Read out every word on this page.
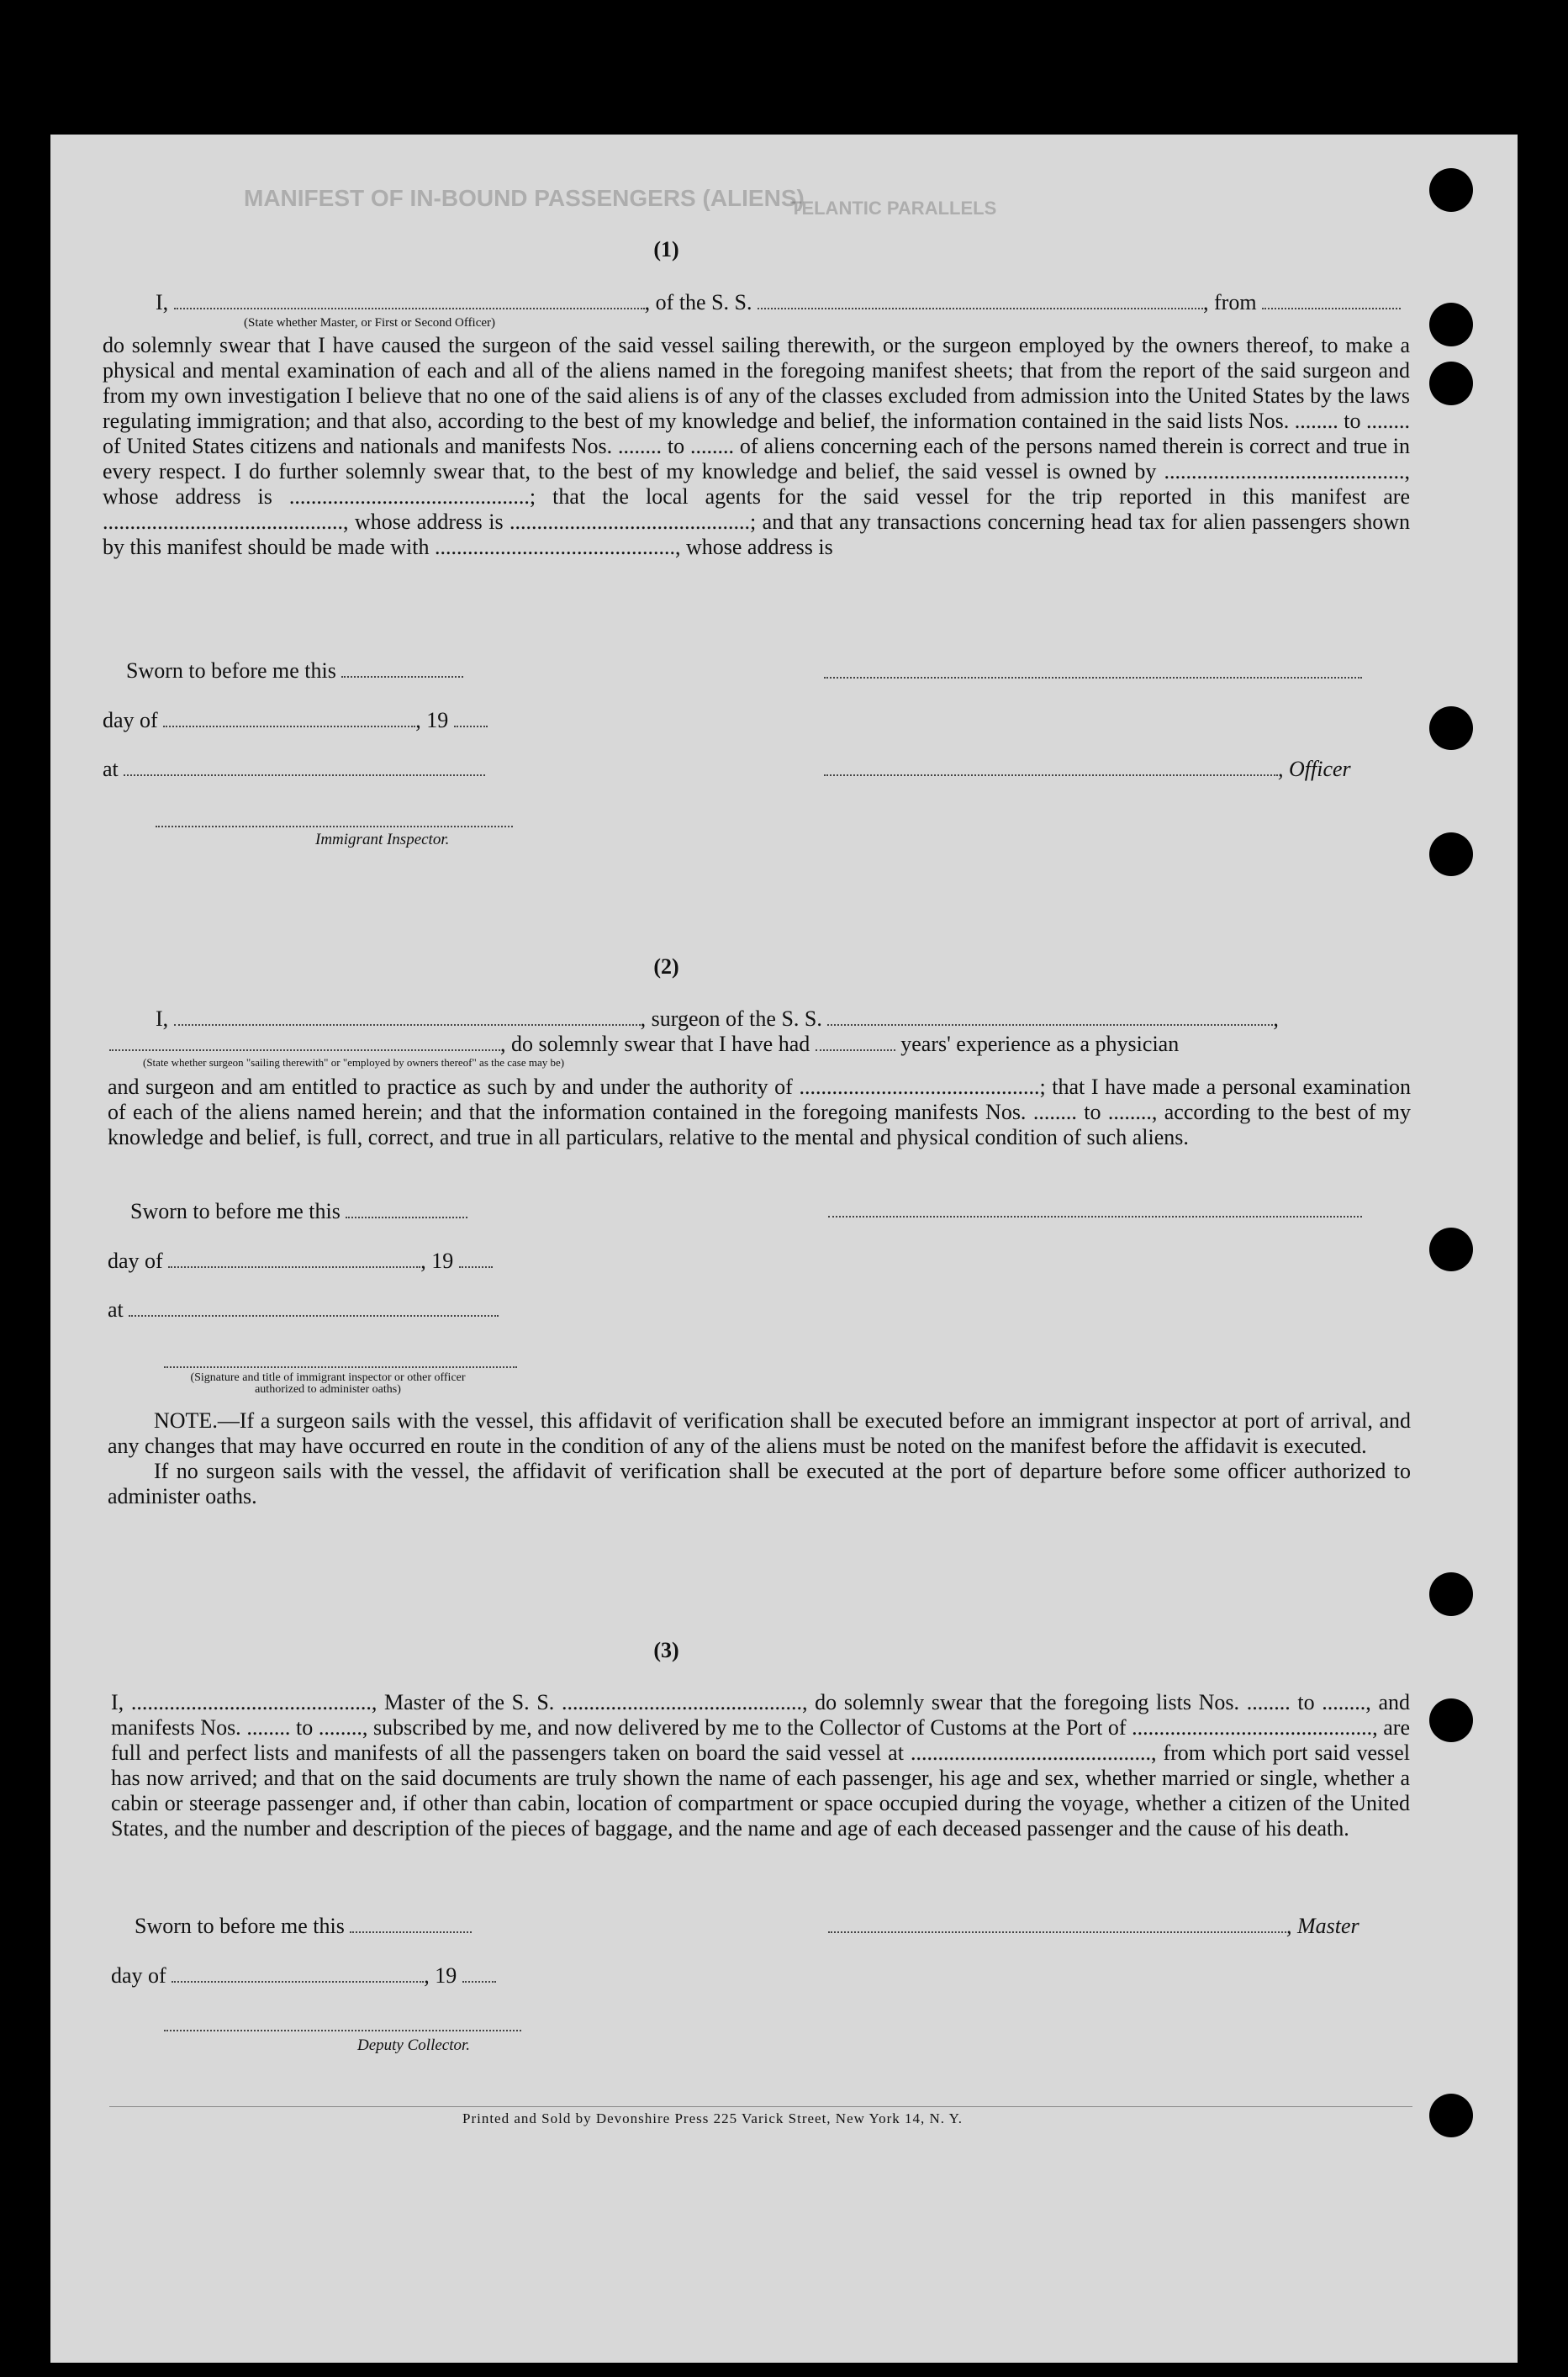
MANIFEST OF IN-BOUND PASSENGERS (ALIENS)
TELANTIC PARALLELS
(1)
I,	, of the S. S.	, from
(State whether Master, or First or Second Officer)
do solemnly swear that I have caused the surgeon of the said vessel sailing therewith, or the surgeon employed by the owners thereof, to make a physical and mental examination of each and all of the aliens named in the foregoing manifest sheets; that from the report of the said surgeon and from my own investigation I believe that no one of the said aliens is of any of the classes excluded from admission into the United States by the laws regulating immigration; and that also, according to the best of my knowledge and belief, the information contained in the said lists Nos. ........ to ........ of United States citizens and nationals and manifests Nos. ........ to ........ of aliens concerning each of the persons named therein is correct and true in every respect. I do further solemnly swear that, to the best of my knowledge and belief, the said vessel is owned by ............................................, whose address is ............................................; that the local agents for the said vessel for the trip reported in this manifest are ............................................, whose address is ............................................; and that any transactions concerning head tax for alien passengers shown by this manifest should be made with ............................................, whose address is
Sworn to before me this
day of	, 19
at	, Officer
Immigrant Inspector.
(2)
I,	, surgeon of the S. S.	,
, do solemnly swear that I have had	years' experience as a physician
(State whether surgeon "sailing therewith" or "employed by owners thereof" as the case may be)
and surgeon and am entitled to practice as such by and under the authority of ............................................; that I have made a personal examination of each of the aliens named herein; and that the information contained in the foregoing manifests Nos. ........ to ........, according to the best of my knowledge and belief, is full, correct, and true in all particulars, relative to the mental and physical condition of such aliens.
Sworn to before me this
day of	, 19
at
(Signature and title of immigrant inspector or other officer authorized to administer oaths)
NOTE.—If a surgeon sails with the vessel, this affidavit of verification shall be executed before an immigrant inspector at port of arrival, and any changes that may have occurred en route in the condition of any of the aliens must be noted on the manifest before the affidavit is executed.
If no surgeon sails with the vessel, the affidavit of verification shall be executed at the port of departure before some officer authorized to administer oaths.
(3)
I, ............................................, Master of the S. S. ............................................, do solemnly swear that the foregoing lists Nos. ........ to ........, and manifests Nos. ........ to ........, subscribed by me, and now delivered by me to the Collector of Customs at the Port of ............................................, are full and perfect lists and manifests of all the passengers taken on board the said vessel at ............................................, from which port said vessel has now arrived; and that on the said documents are truly shown the name of each passenger, his age and sex, whether married or single, whether a cabin or steerage passenger and, if other than cabin, location of compartment or space occupied during the voyage, whether a citizen of the United States, and the number and description of the pieces of baggage, and the name and age of each deceased passenger and the cause of his death.
Sworn to before me this	, Master
day of	, 19
Deputy Collector.
Printed and Sold by Devonshire Press 225 Varick Street, New York 14, N. Y.
